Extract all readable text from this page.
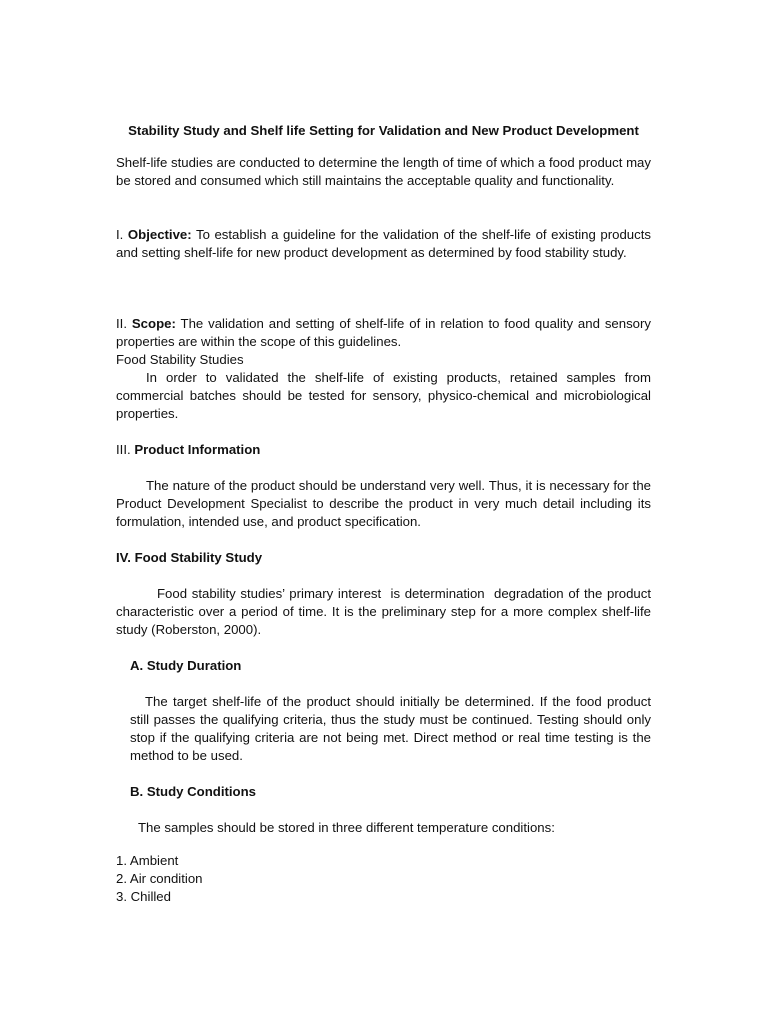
Stability Study and Shelf life Setting for Validation and New Product Development

Shelf-life studies are conducted to determine the length of time of which a food product may be stored and consumed which still maintains the acceptable quality and functionality.

I. Objective: To establish a guideline for the validation of the shelf-life of existing products and setting shelf-life for new product development as determined by food stability study.

II. Scope: The validation and setting of shelf-life of in relation to food quality and sensory properties are within the scope of this guidelines.

Food Stability Studies

In order to validated the shelf-life of existing products, retained samples from commercial batches should be tested for sensory, physico-chemical and microbiological properties.

III. Product Information

The nature of the product should be understand very well. Thus, it is necessary for the Product Development Specialist to describe the product in very much detail including its formulation, intended use, and product specification.

IV. Food Stability Study

Food stability studies’ primary interest  is determination  degradation of the product characteristic over a period of time. It is the preliminary step for a more complex shelf-life study (Roberston, 2000).

A. Study Duration

The target shelf-life of the product should initially be determined. If the food product still passes the qualifying criteria, thus the study must be continued. Testing should only stop if the qualifying criteria are not being met. Direct method or real time testing is the method to be used.

B. Study Conditions

The samples should be stored in three different temperature conditions:

1. Ambient
2. Air condition
3. Chilled
